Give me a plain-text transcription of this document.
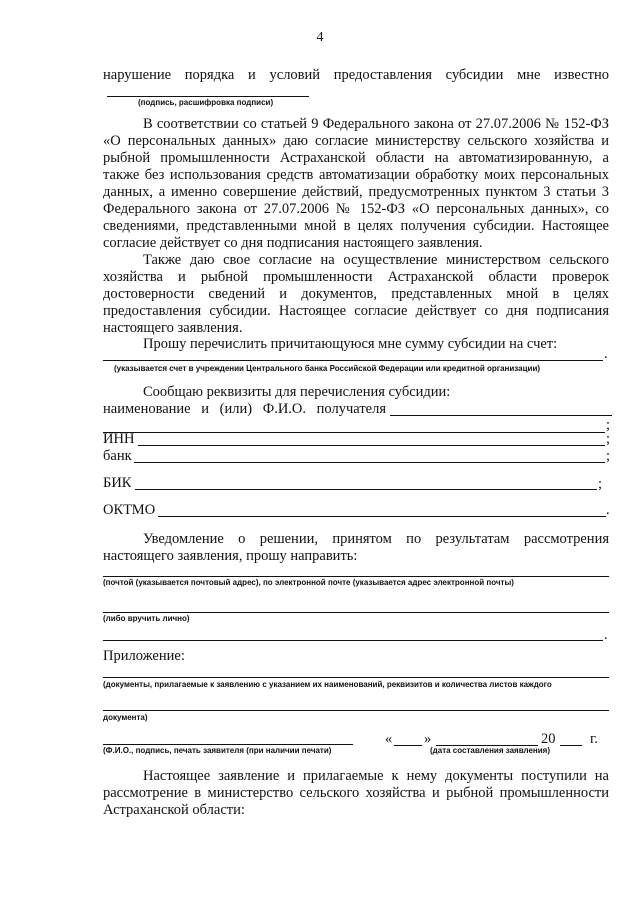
4
нарушение порядка и условий предоставления субсидии мне известно
(подпись, расшифровка подписи)
В соответствии со статьей 9 Федерального закона от 27.07.2006 № 152-ФЗ
«О персональных данных» даю согласие министерству сельского хозяйства и
рыбной промышленности Астраханской области на автоматизированную, а
также без использования средств автоматизации обработку моих персональных
данных, а именно совершение действий, предусмотренных пунктом 3 статьи 3
Федерального закона от 27.07.2006 № 152-ФЗ «О персональных данных», со
сведениями, представленными мной в целях получения субсидии. Настоящее
согласие действует со дня подписания настоящего заявления.
Также даю свое согласие на осуществление министерством сельского
хозяйства и рыбной промышленности Астраханской области проверок
достоверности сведений и документов, представленных мной в целях
предоставления субсидии. Настоящее согласие действует со дня подписания
настоящего заявления.
Прошу перечислить причитающуюся мне сумму субсидии на счет:
.
(указывается счет в учреждении Центрального банка Российской Федерации или кредитной организации)
Сообщаю реквизиты для перечисления субсидии:
наименование и (или) Ф.И.О. получателя
;
ИНН	;
банк	;
БИК	;
ОКТМО	.
Уведомление о решении, принятом по результатам рассмотрения
настоящего заявления, прошу направить:
(почтой (указывается почтовый адрес), по электронной почте (указывается адрес электронной почты)
(либо вручить лично)
.
Приложение:
(документы, прилагаемые к заявлению с указанием их наименований, реквизитов и количества листов каждого
документа)
(Ф.И.О., подпись, печать заявителя (при наличии печати)
« »	20 г.
(дата составления заявления)
Настоящее заявление и прилагаемые к нему документы поступили на
рассмотрение в министерство сельского хозяйства и рыбной промышленности
Астраханской области:
